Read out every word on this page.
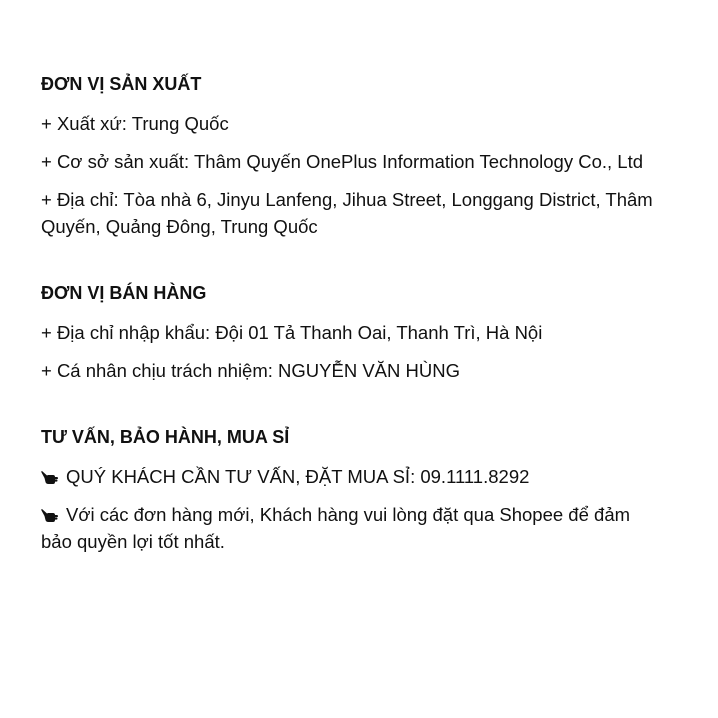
ĐƠN VỊ SẢN XUẤT
+ Xuất xứ: Trung Quốc
+ Cơ sở sản xuất: Thâm Quyến OnePlus Information Technology Co., Ltd
+ Địa chỉ: Tòa nhà 6, Jinyu Lanfeng, Jihua Street, Longgang District, Thâm Quyến, Quảng Đông, Trung Quốc
ĐƠN VỊ BÁN HÀNG
+ Địa chỉ nhập khẩu: Đội 01 Tả Thanh Oai, Thanh Trì, Hà Nội
+ Cá nhân chịu trách nhiệm: NGUYỄN VĂN HÙNG
TƯ VẤN, BẢO HÀNH, MUA SỈ
QUÝ KHÁCH CẦN TƯ VẤN, ĐẶT MUA SỈ: 09.1111.8292
Với các đơn hàng mới, Khách hàng vui lòng đặt qua Shopee để đảm bảo quyền lợi tốt nhất.
